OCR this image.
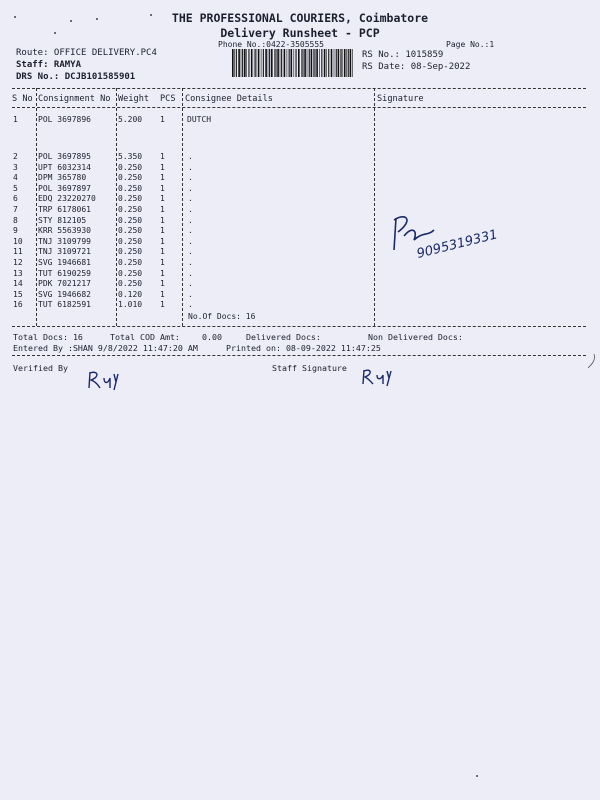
THE PROFESSIONAL COURIERS, Coimbatore
Delivery Runsheet - PCP
Phone No.:0422-3505555	Page No.:1
Route: OFFICE DELIVERY.PC4
Staff: RAMYA
DRS No.: DCJB101585901
RS No.: 1015859
RS Date: 08-Sep-2022
S No Consignment No Weight PCS Consignee Details	Signature
1	POL 3697896	5.200 1	DUTCH
2	POL 3697895	5.350 1	.
3	UPT 6032314	0.250 1	.
4	DPM 365780	0.250 1	.
5	POL 3697897	0.250 1	.
6	EDQ 23220270	0.250 1	.
7	TRP 6178061	0.250 1	.
8	STY 812105	0.250 1	.
9	KRR 5563930	0.250 1	.
10 TNJ 3109799	0.250 1	.
11 TNJ 3109721	0.250 1	.
12 SVG 1946681	0.250 1	.
13 TUT 6190259	0.250 1	.
14 PDK 7021217	0.250 1	.
15 SVG 1946682	0.120 1	.
16 TUT 6182591	1.010 1	.
No.Of Docs: 16
9095319331
Total Docs: 16	Total COD Amt:	0.00	Delivered Docs:	Non Delivered Docs:
Entered By :SHAN 9/8/2022 11:47:20 AM	Printed on: 08-09-2022 11:47:25
Verified By	Staff Signature
